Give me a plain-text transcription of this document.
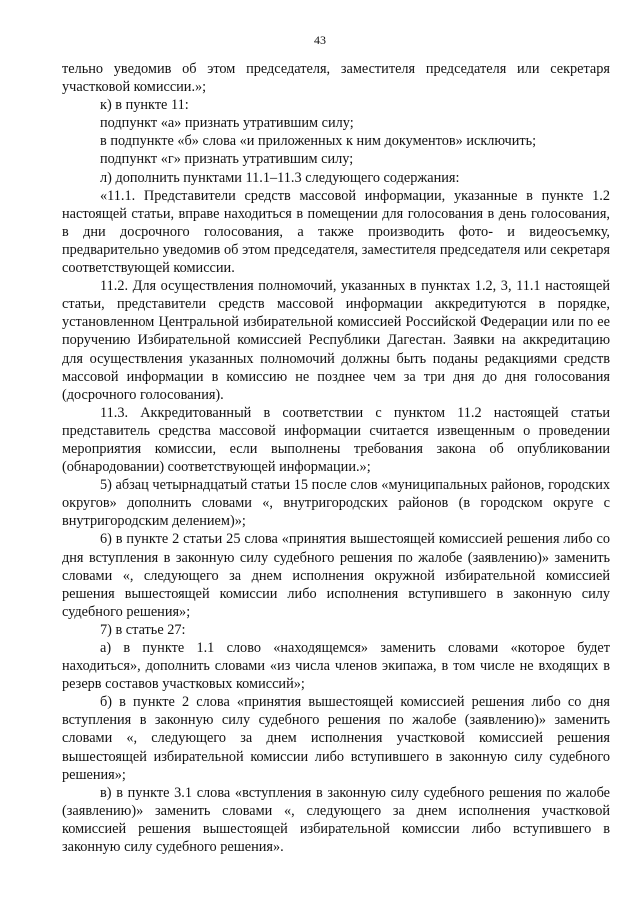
43

тельно уведомив об этом председателя, заместителя председателя или секретаря участковой комиссии.»;

к) в пункте 11:

подпункт «а» признать утратившим силу;

в подпункте «б» слова «и приложенных к ним документов» исключить;

подпункт «г» признать утратившим силу;

л) дополнить пунктами 11.1–11.3 следующего содержания:

«11.1. Представители средств массовой информации, указанные в пункте 1.2 настоящей статьи, вправе находиться в помещении для голосования в день голосования, в дни досрочного голосования, а также производить фото- и видеосъемку, предварительно уведомив об этом председателя, заместителя председателя или секретаря соответствующей комиссии.

11.2. Для осуществления полномочий, указанных в пунктах 1.2, 3, 11.1 настоящей статьи, представители средств массовой информации аккредитуются в порядке, установленном Центральной избирательной комиссией Российской Федерации или по ее поручению Избирательной комиссией Республики Дагестан. Заявки на аккредитацию для осуществления указанных полномочий должны быть поданы редакциями средств массовой информации в комиссию не позднее чем за три дня до дня голосования (досрочного голосования).

11.3. Аккредитованный в соответствии с пунктом 11.2 настоящей статьи представитель средства массовой информации считается извещенным о проведении мероприятия комиссии, если выполнены требования закона об опубликовании (обнародовании) соответствующей информации.»;

5) абзац четырнадцатый статьи 15 после слов «муниципальных районов, городских округов» дополнить словами «, внутригородских районов (в городском округе с внутригородским делением)»;

6) в пункте 2 статьи 25 слова «принятия вышестоящей комиссией решения либо со дня вступления в законную силу судебного решения по жалобе (заявлению)» заменить словами «, следующего за днем исполнения окружной избирательной комиссией решения вышестоящей комиссии либо исполнения вступившего в законную силу судебного решения»;

7) в статье 27:

а) в пункте 1.1 слово «находящемся» заменить словами «которое будет находиться», дополнить словами «из числа членов экипажа, в том числе не входящих в резерв составов участковых комиссий»;

б) в пункте 2 слова «принятия вышестоящей комиссией решения либо со дня вступления в законную силу судебного решения по жалобе (заявлению)» заменить словами «, следующего за днем исполнения участковой комиссией решения вышестоящей избирательной комиссии либо вступившего в законную силу судебного решения»;

в) в пункте 3.1 слова «вступления в законную силу судебного решения по жалобе (заявлению)» заменить словами «, следующего за днем исполнения участковой комиссией решения вышестоящей избирательной комиссии либо вступившего в законную силу судебного решения».
